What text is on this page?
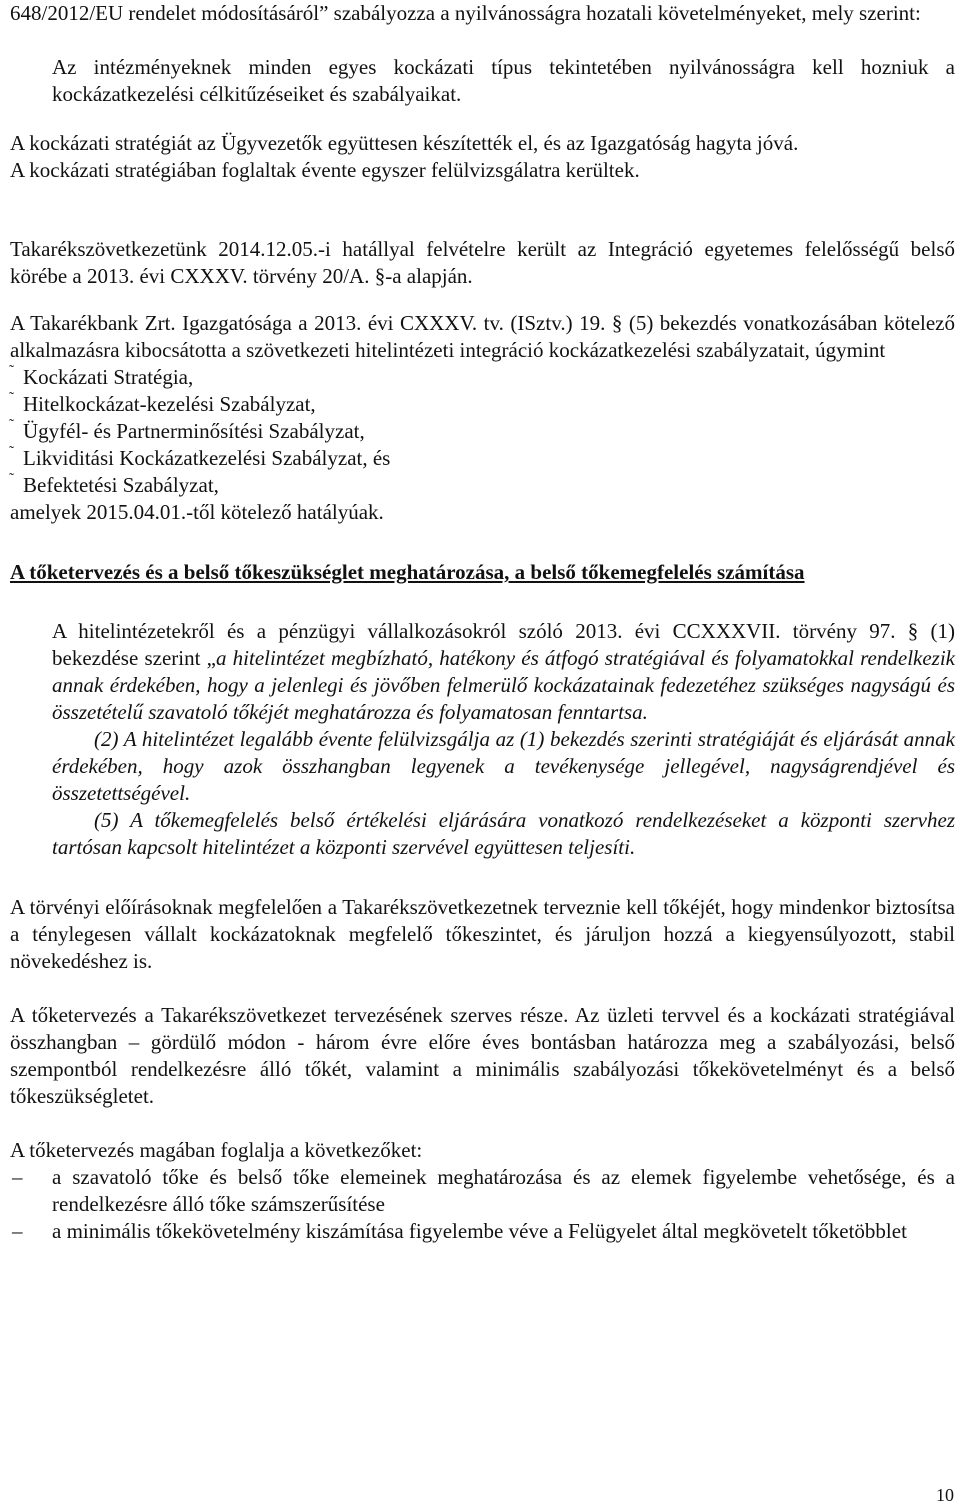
648/2012/EU rendelet módosításáról” szabályozza a nyilvánosságra hozatali követelményeket, mely szerint:

Az intézményeknek minden egyes kockázati típus tekintetében nyilvánosságra kell hozniuk a kockázatkezelési célkitűzéseiket és szabályaikat.

A kockázati stratégiát az Ügyvezetők együttesen készítették el, és az Igazgatóság hagyta jóvá.

A kockázati stratégiában foglaltak évente egyszer felülvizsgálatra kerültek.

Takarékszövetkezetünk 2014.12.05.-i hatállyal felvételre került az Integráció egyetemes felelősségű belső körébe a 2013. évi CXXXV. törvény 20/A. §-a alapján.

A Takarékbank Zrt. Igazgatósága a 2013. évi CXXXV. tv. (ISztv.) 19. § (5) bekezdés vonatkozásában kötelező alkalmazásra kibocsátotta a szövetkezeti hitelintézeti integráció kockázatkezelési szabályzatait, úgymint

˜ Kockázati Stratégia,
˜ Hitelkockázat-kezelési Szabályzat,
˜ Ügyfél- és Partnerminősítési Szabályzat,
˜ Likviditási Kockázatkezelési Szabályzat, és
˜ Befektetési Szabályzat,

amelyek 2015.04.01.-től kötelező hatályúak.

A tőketervezés és a belső tőkeszükséglet meghatározása, a belső tőkemegfelelés számítása

A hitelintézetekről és a pénzügyi vállalkozásokról szóló 2013. évi CCXXXVII. törvény 97. § (1) bekezdése szerint „a hitelintézet megbízható, hatékony és átfogó stratégiával és folyamatokkal rendelkezik annak érdekében, hogy a jelenlegi és jövőben felmerülő kockázatainak fedezetéhez szükséges nagyságú és összetételű szavatoló tőkéjét meghatározza és folyamatosan fenntartsa.

(2) A hitelintézet legalább évente felülvizsgálja az (1) bekezdés szerinti stratégiáját és eljárását annak érdekében, hogy azok összhangban legyenek a tevékenysége jellegével, nagyságrendjével és összetettségével.

(5) A tőkemegfelelés belső értékelési eljárására vonatkozó rendelkezéseket a központi szervhez tartósan kapcsolt hitelintézet a központi szervével együttesen teljesíti.

A törvényi előírásoknak megfelelően a Takarékszövetkezetnek terveznie kell tőkéjét, hogy mindenkor biztosítsa a ténylegesen vállalt kockázatoknak megfelelő tőkeszintet, és járuljon hozzá a kiegyensúlyozott, stabil növekedéshez is.

A tőketervezés a Takarékszövetkezet tervezésének szerves része. Az üzleti tervvel és a kockázati stratégiával összhangban – gördülő módon - három évre előre éves bontásban határozza meg a szabályozási, belső szempontból rendelkezésre álló tőkét, valamint a minimális szabályozási tőkekövetelményt és a belső tőkeszükségletet.

A tőketervezés magában foglalja a következőket:

– a szavatoló tőke és belső tőke elemeinek meghatározása és az elemek figyelembe vehetősége, és a rendelkezésre álló tőke számszerűsítése
– a minimális tőkekövetelmény kiszámítása figyelembe véve a Felügyelet által megkövetelt tőketöbblet
10
